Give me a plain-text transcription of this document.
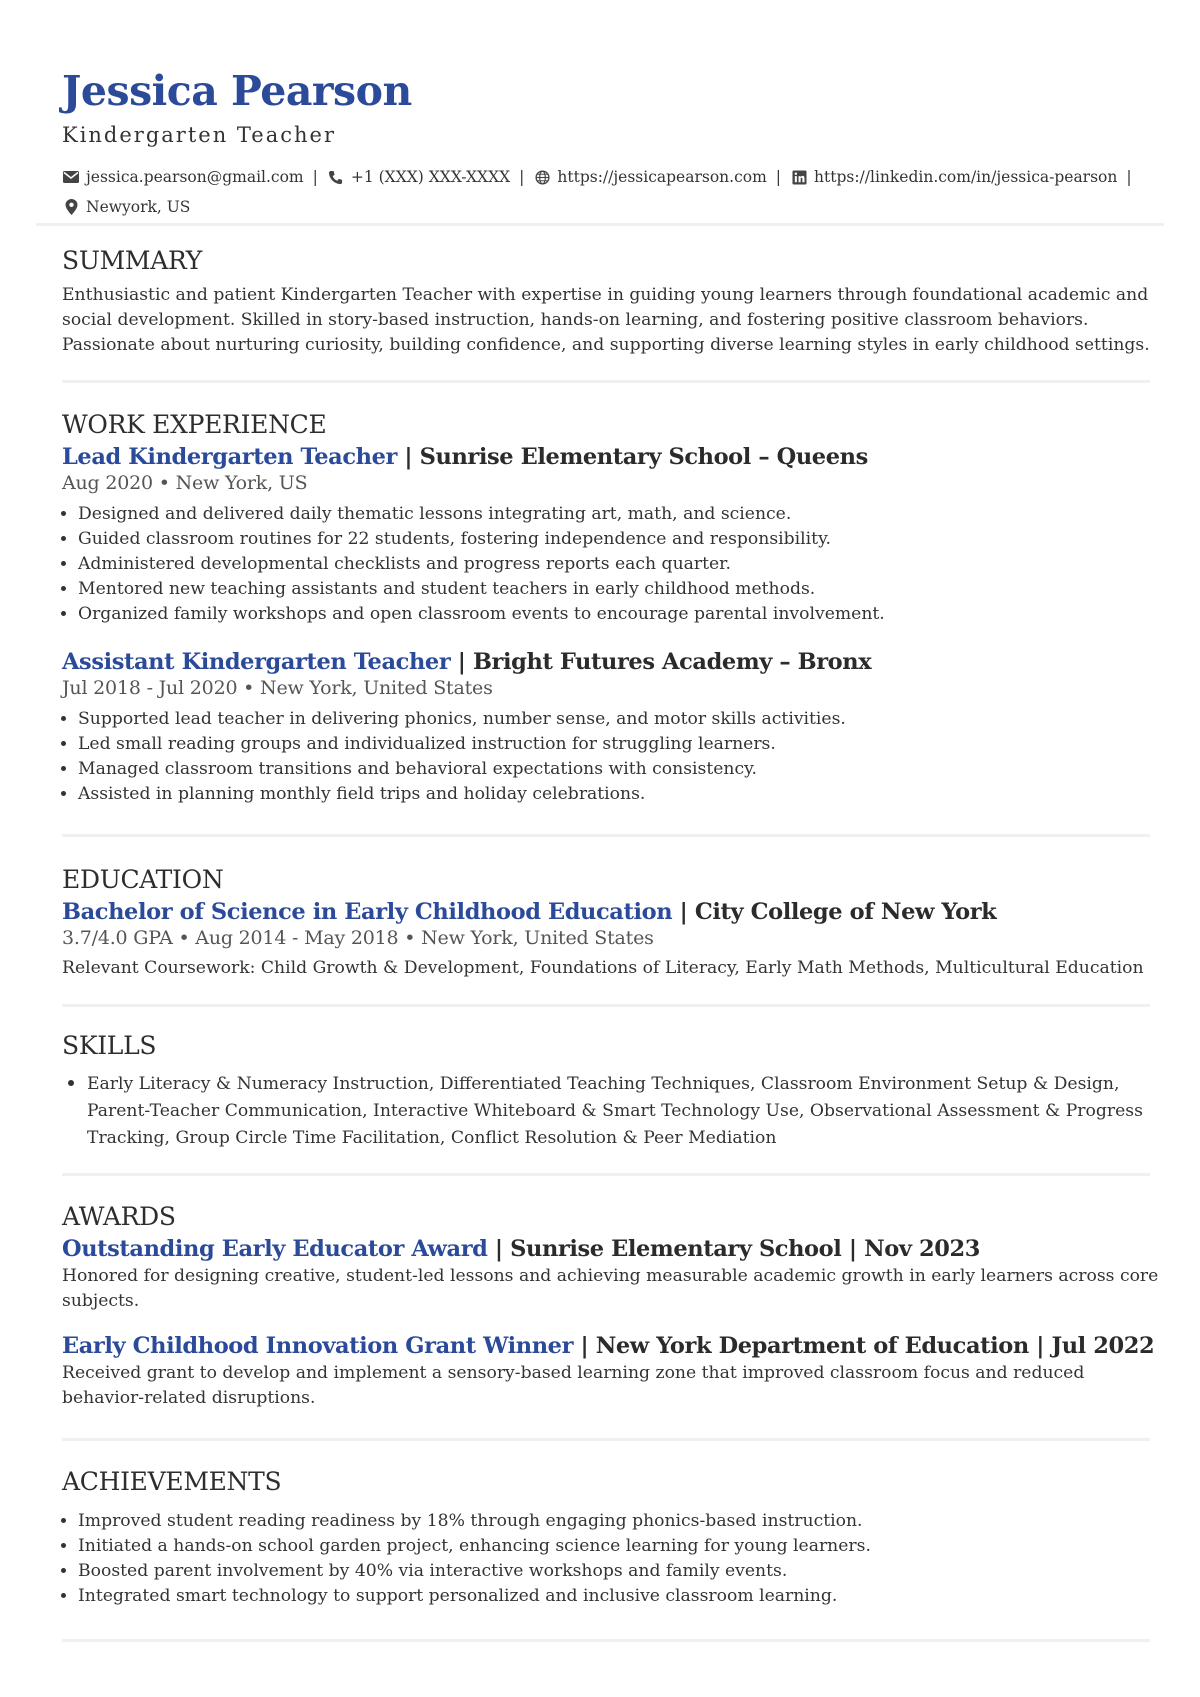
Jessica Pearson
Kindergarten Teacher
jessica.pearson@gmail.com | +1 (XXX) XXX-XXXX | https://jessicapearson.com | https://linkedin.com/in/jessica-pearson |
Newyork, US
SUMMARY

Enthusiastic and patient Kindergarten Teacher with expertise in guiding young learners through foundational academic and social development. Skilled in story-based instruction, hands-on learning, and fostering positive classroom behaviors. Passionate about nurturing curiosity, building confidence, and supporting diverse learning styles in early childhood settings.

WORK EXPERIENCE
Lead Kindergarten Teacher | Sunrise Elementary School – Queens
Aug 2020 • New York, US
• Designed and delivered daily thematic lessons integrating art, math, and science.
• Guided classroom routines for 22 students, fostering independence and responsibility.
• Administered developmental checklists and progress reports each quarter.
• Mentored new teaching assistants and student teachers in early childhood methods.
• Organized family workshops and open classroom events to encourage parental involvement.
Assistant Kindergarten Teacher | Bright Futures Academy – Bronx
Jul 2018 - Jul 2020 • New York, United States
• Supported lead teacher in delivering phonics, number sense, and motor skills activities.
• Led small reading groups and individualized instruction for struggling learners.
• Managed classroom transitions and behavioral expectations with consistency.
• Assisted in planning monthly field trips and holiday celebrations.
EDUCATION
Bachelor of Science in Early Childhood Education | City College of New York
3.7/4.0 GPA • Aug 2014 - May 2018 • New York, United States

Relevant Coursework: Child Growth & Development, Foundations of Literacy, Early Math Methods, Multicultural Education

SKILLS
• Early Literacy & Numeracy Instruction, Differentiated Teaching Techniques, Classroom Environment Setup & Design, Parent-Teacher Communication, Interactive Whiteboard & Smart Technology Use, Observational Assessment & Progress Tracking, Group Circle Time Facilitation, Conflict Resolution & Peer Mediation
AWARDS
Outstanding Early Educator Award | Sunrise Elementary School | Nov 2023

Honored for designing creative, student-led lessons and achieving measurable academic growth in early learners across core subjects.

Early Childhood Innovation Grant Winner | New York Department of Education | Jul 2022

Received grant to develop and implement a sensory-based learning zone that improved classroom focus and reduced behavior-related disruptions.

ACHIEVEMENTS
• Improved student reading readiness by 18% through engaging phonics-based instruction.
• Initiated a hands-on school garden project, enhancing science learning for young learners.
• Boosted parent involvement by 40% via interactive workshops and family events.
• Integrated smart technology to support personalized and inclusive classroom learning.
